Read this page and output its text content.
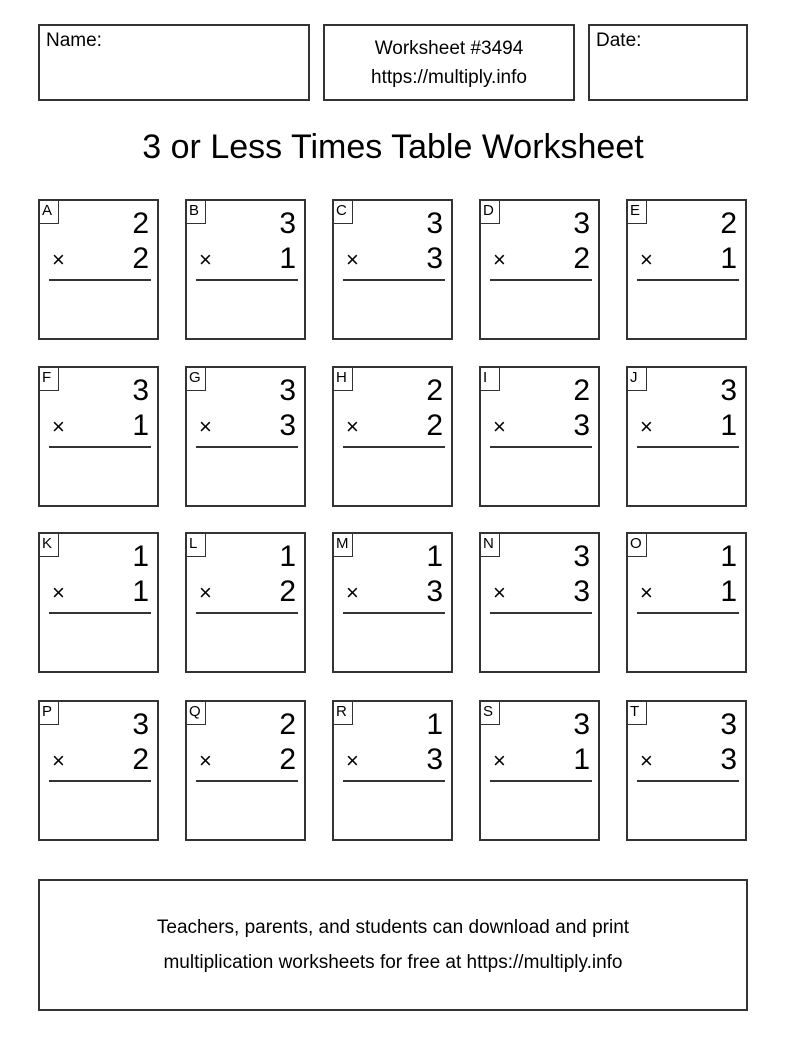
Name:	Worksheet #3494
https://multiply.info
Date:
3 or Less Times Table Worksheet
A	2
× 2
B	3
× 1
C	3
× 3
D	3
× 2
E	2
× 1
F	3
× 1
G	3
× 3
H	2
× 2
I	2
× 3
J	3
× 1
K	1
× 1
L	1
× 2
M	1
× 3
N	3
× 3
O	1
× 1
P	3
× 2
Q	2
× 2
R	1
× 3
S	3
× 1
T	3
× 3
Teachers, parents, and students can download and print
multiplication worksheets for free at https://multiply.info
